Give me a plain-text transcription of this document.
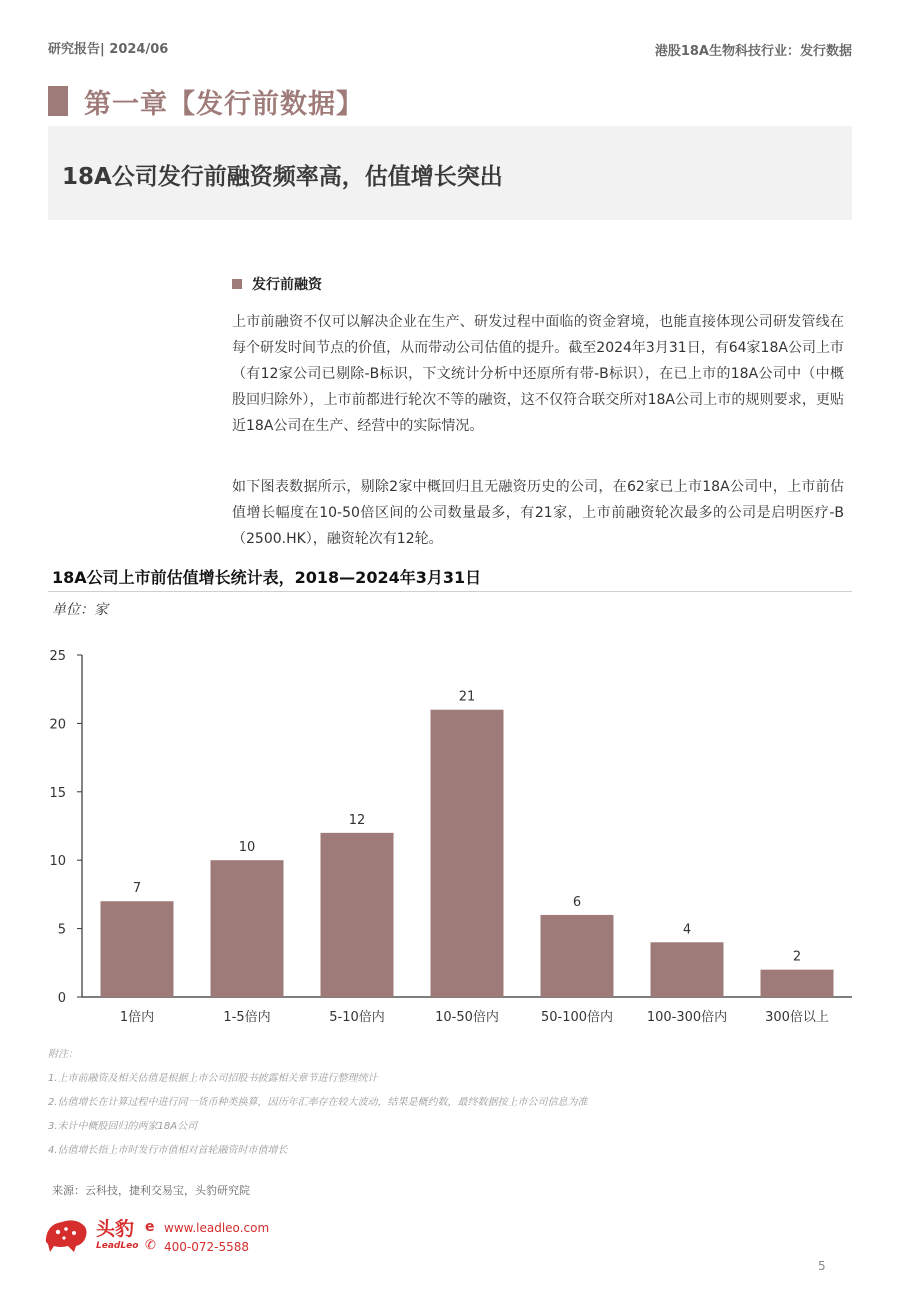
研究报告| 2024/06	港股18A生物科技行业：发行数据
第一章【发行前数据】
18A公司发行前融资频率高，估值增长突出
发行前融资
上市前融资不仅可以解决企业在生产、研发过程中面临的资金窘境，也能直接体现公司研发管线在每个研发时间节点的价值，从而带动公司估值的提升。截至2024年3月31日，有64家18A公司上市（有12家公司已剔除-B标识，下文统计分析中还原所有带-B标识），在已上市的18A公司中（中概股回归除外），上市前都进行轮次不等的融资，这不仅符合联交所对18A公司上市的规则要求，更贴近18A公司在生产、经营中的实际情况。
如下图表数据所示，剔除2家中概回归且无融资历史的公司，在62家已上市18A公司中，上市前估值增长幅度在10-50倍区间的公司数量最多，有21家，上市前融资轮次最多的公司是启明医疗-B（2500.HK），融资轮次有12轮。
18A公司上市前估值增长统计表，2018—2024年3月31日
单位：家
0
5
10
15
20
25
7
1倍内
10
1-5倍内
12
5-10倍内
21
10-50倍内
6
50-100倍内
4
100-300倍内
2
300倍以上
附注：
1.上市前融资及相关估值是根据上市公司招股书披露相关章节进行整理统计
2.估值增长在计算过程中进行同一货币种类换算，因历年汇率存在较大波动，结果是概约数，最终数据按上市公司信息为准
3.未计中概股回归的两家18A公司
4.估值增长指上市时发行市值相对首轮融资时市值增长
来源：云科技，捷利交易宝，头豹研究院
头豹
LeadLeo
e www.leadleo.com
✆ 400-072-5588
5
